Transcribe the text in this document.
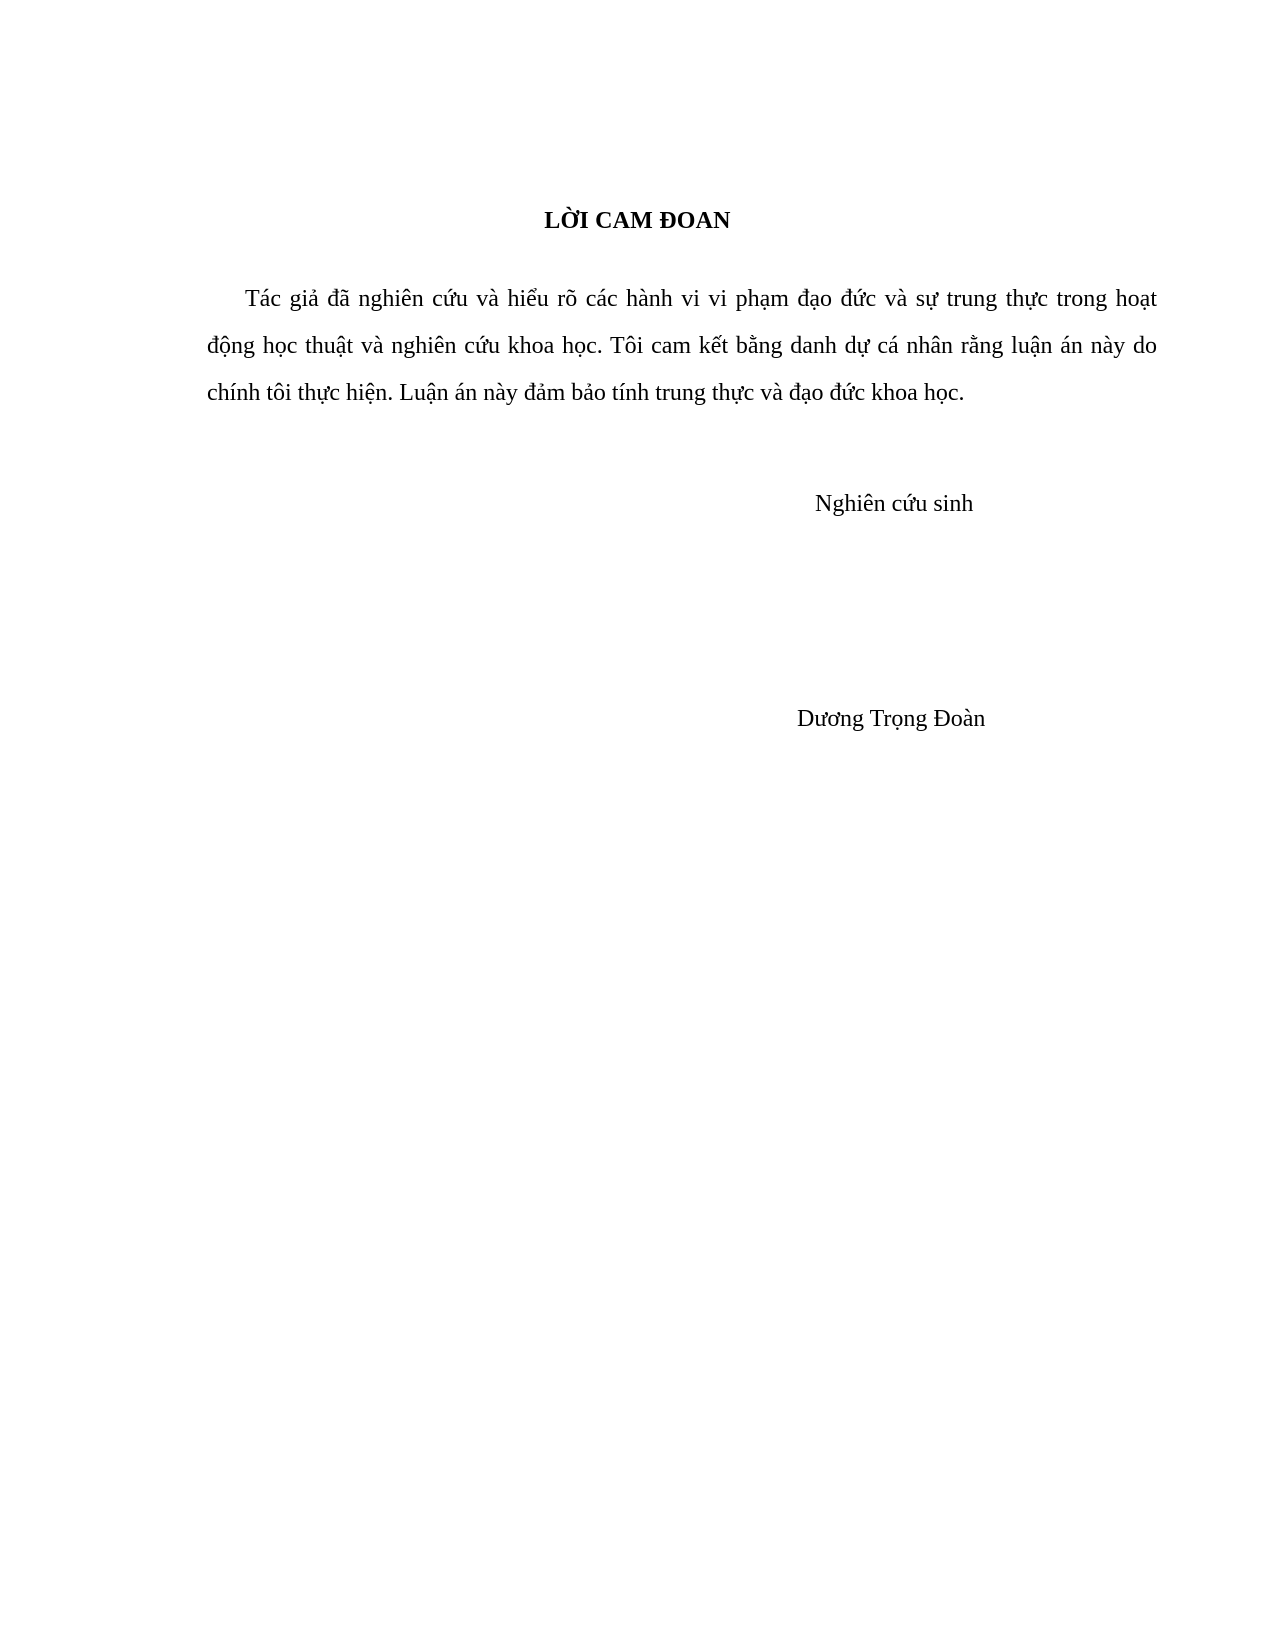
LỜI CAM ĐOAN

Tác giả đã nghiên cứu và hiểu rõ các hành vi vi phạm đạo đức và sự trung thực trong hoạt động học thuật và nghiên cứu khoa học. Tôi cam kết bằng danh dự cá nhân rằng luận án này do chính tôi thực hiện. Luận án này đảm bảo tính trung thực và đạo đức khoa học.

Nghiên cứu sinh
Dương Trọng Đoàn
